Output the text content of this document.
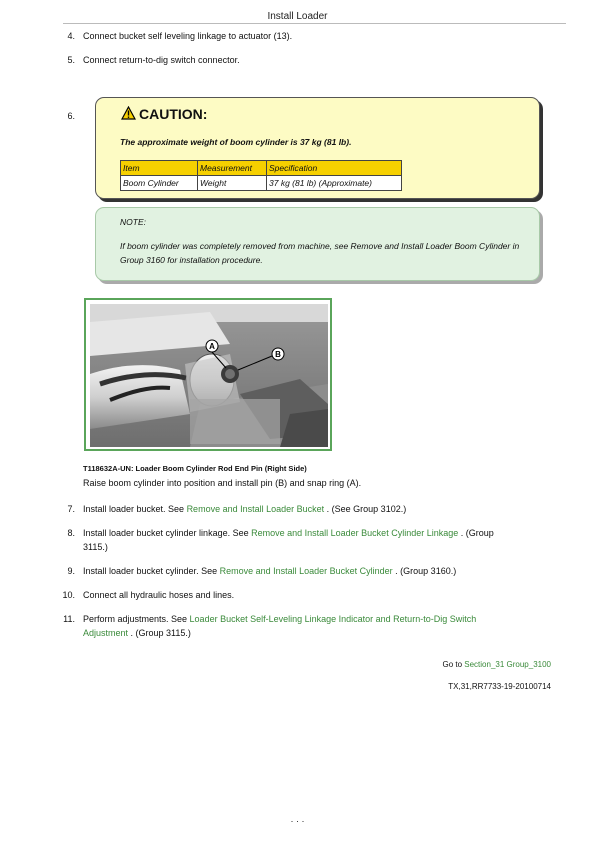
Install Loader
4. Connect bucket self leveling linkage to actuator (13).
5. Connect return-to-dig switch connector.
6.	CAUTION:
The approximate weight of boom cylinder is 37 kg (81 lb).
Item	Measurement	Specification
Boom Cylinder	Weight	37 kg (81 lb) (Approximate)
NOTE:
If boom cylinder was completely removed from machine, see Remove and Install Loader Boom Cylinder in Group 3160 for installation procedure.
A
B
T118632A-UN: Loader Boom Cylinder Rod End Pin (Right Side)
Raise boom cylinder into position and install pin (B) and snap ring (A).
7. Install loader bucket. See Remove and Install Loader Bucket . (See Group 3102.)
8. Install loader bucket cylinder linkage. See Remove and Install Loader Bucket Cylinder Linkage . (Group
3115.)
9. Install loader bucket cylinder. See Remove and Install Loader Bucket Cylinder . (Group 3160.)
10. Connect all hydraulic hoses and lines.
11. Perform adjustments. See Loader Bucket Self-Leveling Linkage Indicator and Return-to-Dig Switch
Adjustment . (Group 3115.)
Go to Section_31 Group_3100
TX,31,RR7733-19-20100714
· · ·
